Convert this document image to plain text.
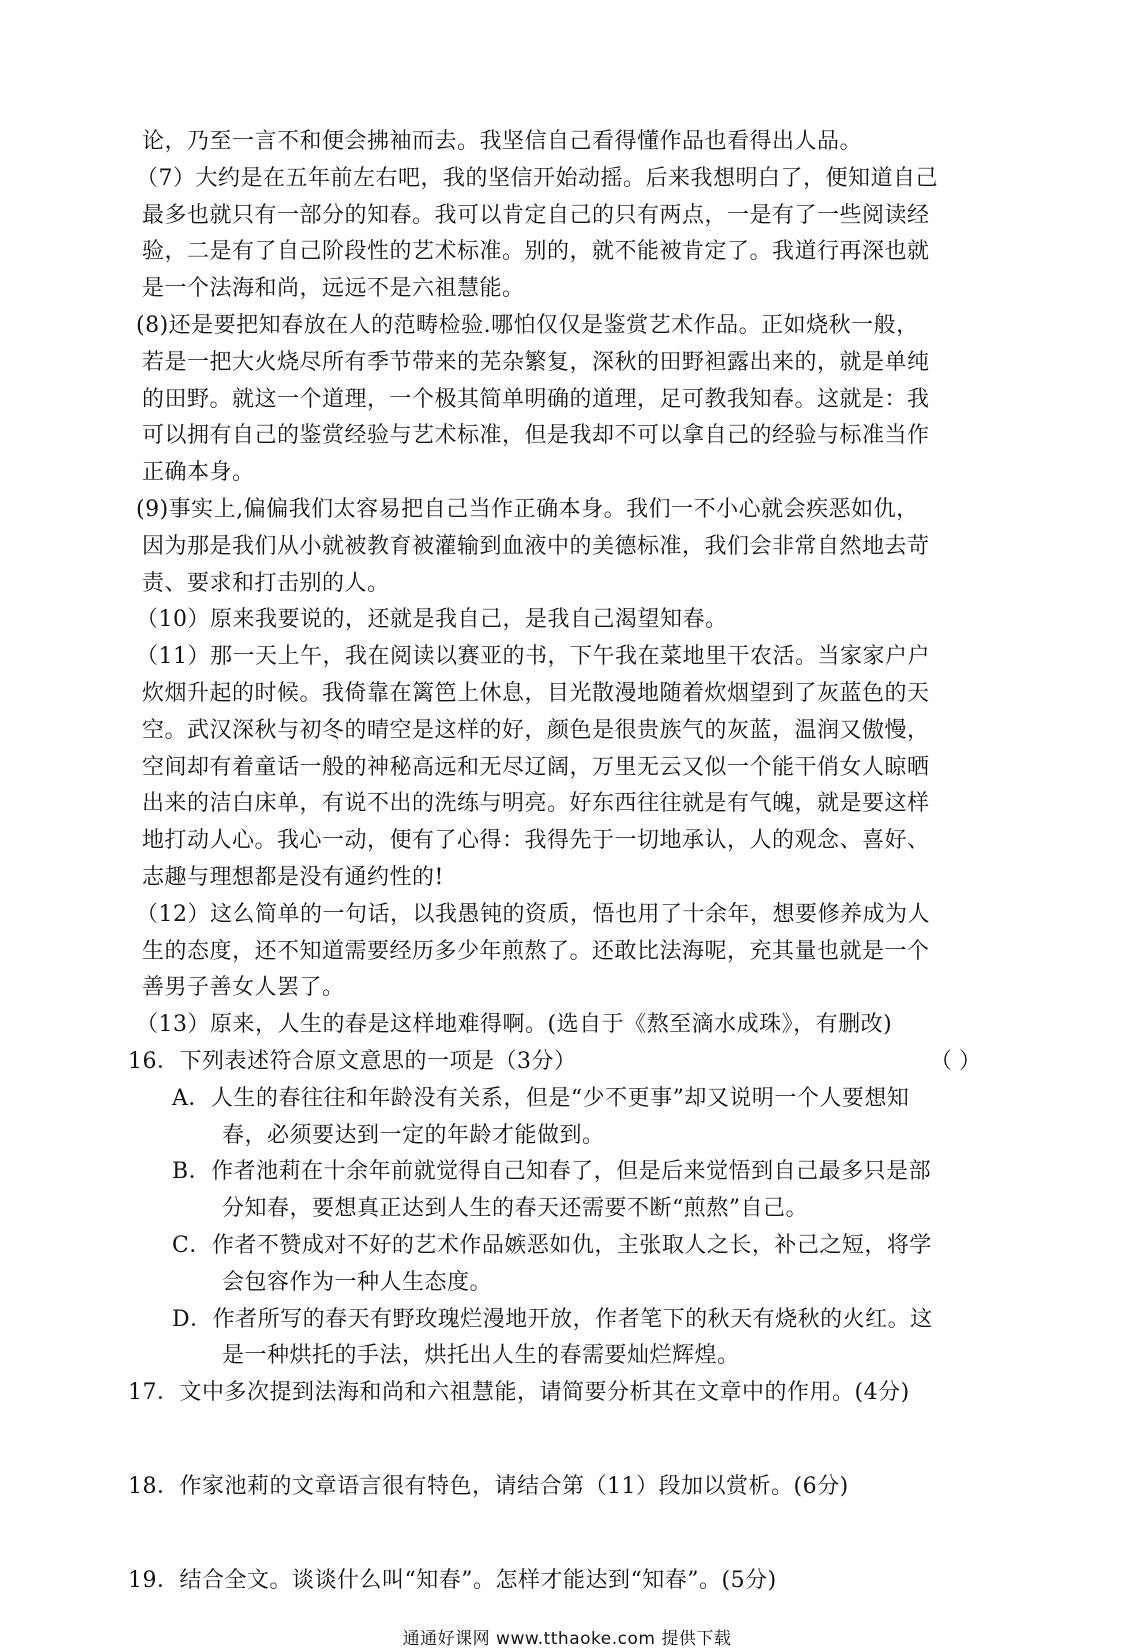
论，乃至一言不和便会拂袖而去。我坚信自己看得懂作品也看得出人品。
（7）大约是在五年前左右吧，我的坚信开始动摇。后来我想明白了，便知道自己
最多也就只有一部分的知春。我可以肯定自己的只有两点，一是有了一些阅读经
验，二是有了自己阶段性的艺术标准。别的，就不能被肯定了。我道行再深也就
是一个法海和尚，远远不是六祖慧能。
(8)还是要把知春放在人的范畴检验.哪怕仅仅是鉴赏艺术作品。正如烧秋一般，
若是一把大火烧尽所有季节带来的芜杂繁复，深秋的田野袒露出来的，就是单纯
的田野。就这一个道理，一个极其简单明确的道理，足可教我知春。这就是：我
可以拥有自己的鉴赏经验与艺术标准，但是我却不可以拿自己的经验与标准当作
正确本身。
(9)事实上,偏偏我们太容易把自己当作正确本身。我们一不小心就会疾恶如仇，
因为那是我们从小就被教育被灌输到血液中的美德标准，我们会非常自然地去苛
责、要求和打击别的人。
（10）原来我要说的，还就是我自己，是我自己渴望知春。
（11）那一天上午，我在阅读以赛亚的书，下午我在菜地里干农活。当家家户户
炊烟升起的时候。我倚靠在篱笆上休息，目光散漫地随着炊烟望到了灰蓝色的天
空。武汉深秋与初冬的晴空是这样的好，颜色是很贵族气的灰蓝，温润又傲慢，
空间却有着童话一般的神秘高远和无尽辽阔，万里无云又似一个能干俏女人晾晒
出来的洁白床单，有说不出的洗练与明亮。好东西往往就是有气魄，就是要这样
地打动人心。我心一动，便有了心得：我得先于一切地承认，人的观念、喜好、
志趣与理想都是没有通约性的!
（12）这么简单的一句话，以我愚钝的资质，悟也用了十余年，想要修养成为人
生的态度，还不知道需要经历多少年煎熬了。还敢比法海呢，充其量也就是一个
善男子善女人罢了。
（13）原来，人生的春是这样地难得啊。(选自于《熬至滴水成珠》，有删改)
16．下列表述符合原文意思的一项是（3分）	（ ）
A．人生的春往往和年龄没有关系，但是“少不更事”却又说明一个人要想知
春，必须要达到一定的年龄才能做到。
B．作者池莉在十余年前就觉得自己知春了，但是后来觉悟到自己最多只是部
分知春，要想真正达到人生的春天还需要不断“煎熬”自己。
C．作者不赞成对不好的艺术作品嫉恶如仇，主张取人之长，补己之短，将学
会包容作为一种人生态度。
D．作者所写的春天有野玫瑰烂漫地开放，作者笔下的秋天有烧秋的火红。这
是一种烘托的手法，烘托出人生的春需要灿烂辉煌。
17．文中多次提到法海和尚和六祖慧能，请简要分析其在文章中的作用。(4分)
18．作家池莉的文章语言很有特色，请结合第（11）段加以赏析。(6分)
19．结合全文。谈谈什么叫“知春”。怎样才能达到“知春”。(5分)
通通好课网 www.tthaoke.com 提供下载
